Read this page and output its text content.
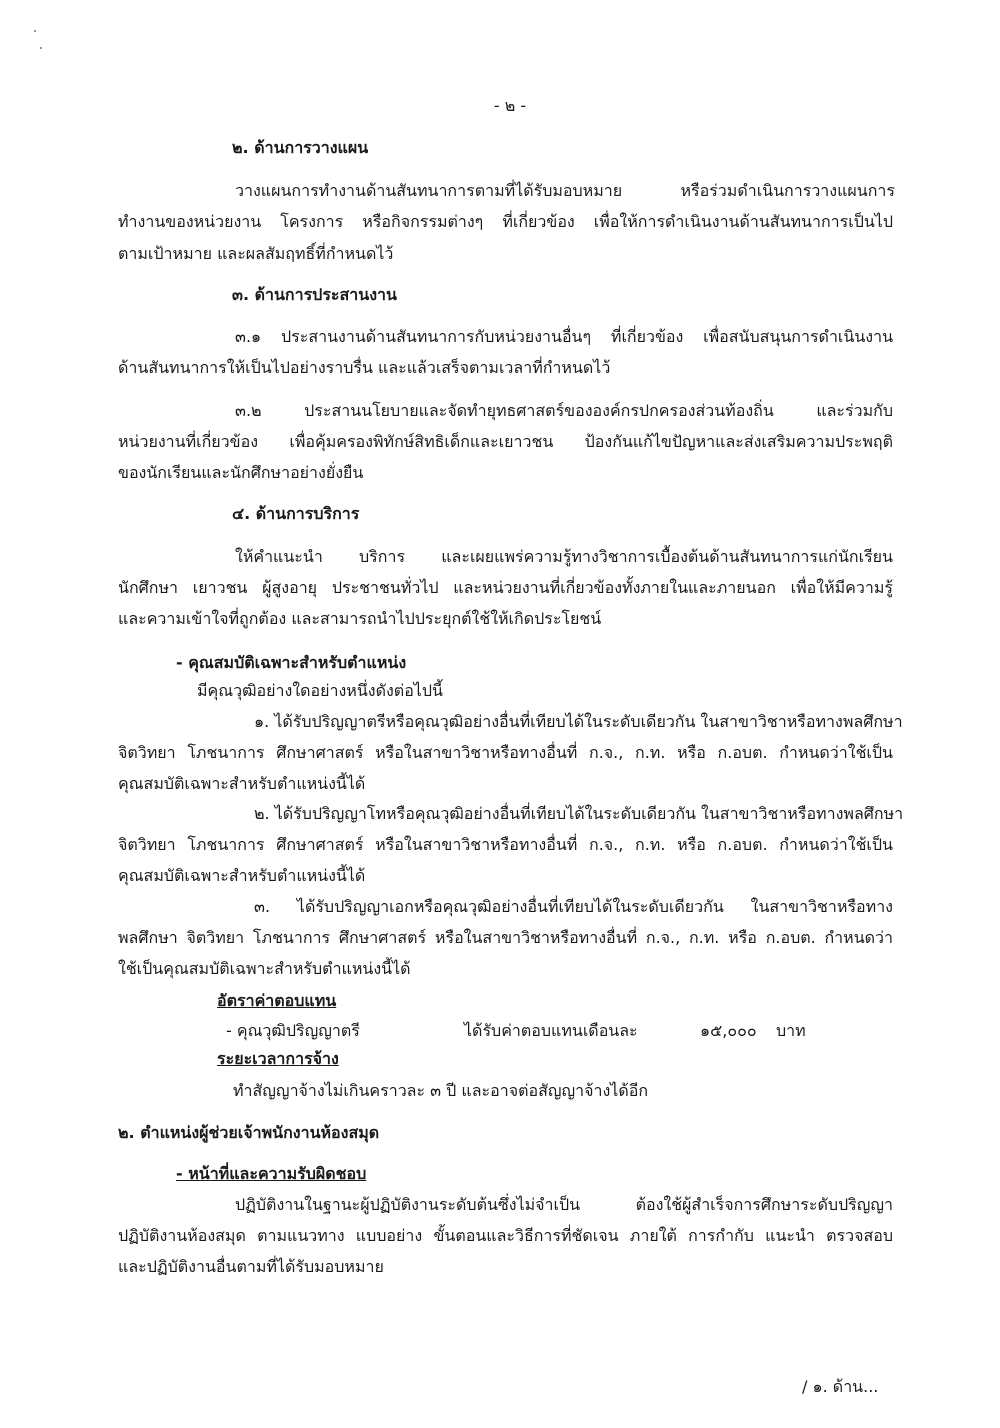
- ๒ -
๒. ด้านการวางแผน
วางแผนการทำงานด้านสันทนาการตามที่ได้รับมอบหมาย หรือร่วมดำเนินการวางแผนการ
ทำงานของหน่วยงาน โครงการ หรือกิจกรรมต่างๆ ที่เกี่ยวข้อง เพื่อให้การดำเนินงานด้านสันทนาการเป็นไป
ตามเป้าหมาย และผลสัมฤทธิ์ที่กำหนดไว้
๓. ด้านการประสานงาน
๓.๑ ประสานงานด้านสันทนาการกับหน่วยงานอื่นๆ ที่เกี่ยวข้อง เพื่อสนับสนุนการดำเนินงาน
ด้านสันทนาการให้เป็นไปอย่างราบรื่น และแล้วเสร็จตามเวลาที่กำหนดไว้
๓.๒ ประสานนโยบายและจัดทำยุทธศาสตร์ขององค์กรปกครองส่วนท้องถิ่น และร่วมกับ
หน่วยงานที่เกี่ยวข้อง เพื่อคุ้มครองพิทักษ์สิทธิเด็กและเยาวชน ป้องกันแก้ไขปัญหาและส่งเสริมความประพฤติ
ของนักเรียนและนักศึกษาอย่างยั่งยืน
๔. ด้านการบริการ
ให้คำแนะนำ บริการ และเผยแพร่ความรู้ทางวิชาการเบื้องต้นด้านสันทนาการแก่นักเรียน
นักศึกษา เยาวชน ผู้สูงอายุ ประชาชนทั่วไป และหน่วยงานที่เกี่ยวข้องทั้งภายในและภายนอก เพื่อให้มีความรู้
และความเข้าใจที่ถูกต้อง และสามารถนำไปประยุกต์ใช้ให้เกิดประโยชน์
- คุณสมบัติเฉพาะสำหรับตำแหน่ง
มีคุณวุฒิอย่างใดอย่างหนึ่งดังต่อไปนี้
๑. ได้รับปริญญาตรีหรือคุณวุฒิอย่างอื่นที่เทียบได้ในระดับเดียวกัน ในสาขาวิชาหรือทางพลศึกษา
จิตวิทยา โภชนาการ ศึกษาศาสตร์ หรือในสาขาวิชาหรือทางอื่นที่ ก.จ., ก.ท. หรือ ก.อบต. กำหนดว่าใช้เป็น
คุณสมบัติเฉพาะสำหรับตำแหน่งนี้ได้
๒. ได้รับปริญญาโทหรือคุณวุฒิอย่างอื่นที่เทียบได้ในระดับเดียวกัน ในสาขาวิชาหรือทางพลศึกษา
จิตวิทยา โภชนาการ ศึกษาศาสตร์ หรือในสาขาวิชาหรือทางอื่นที่ ก.จ., ก.ท. หรือ ก.อบต. กำหนดว่าใช้เป็น
คุณสมบัติเฉพาะสำหรับตำแหน่งนี้ได้
๓. ได้รับปริญญาเอกหรือคุณวุฒิอย่างอื่นที่เทียบได้ในระดับเดียวกัน ในสาขาวิชาหรือทาง
พลศึกษา จิตวิทยา โภชนาการ ศึกษาศาสตร์ หรือในสาขาวิชาหรือทางอื่นที่ ก.จ., ก.ท. หรือ ก.อบต. กำหนดว่า
ใช้เป็นคุณสมบัติเฉพาะสำหรับตำแหน่งนี้ได้
อัตราค่าตอบแทน
- คุณวุฒิปริญญาตรี	ได้รับค่าตอบแทนเดือนละ	๑๕,๐๐๐ บาท
ระยะเวลาการจ้าง
ทำสัญญาจ้างไม่เกินคราวละ ๓ ปี และอาจต่อสัญญาจ้างได้อีก
๒. ตำแหน่งผู้ช่วยเจ้าพนักงานห้องสมุด
- หน้าที่และความรับผิดชอบ
ปฏิบัติงานในฐานะผู้ปฏิบัติงานระดับต้นซึ่งไม่จำเป็น ต้องใช้ผู้สำเร็จการศึกษาระดับปริญญา
ปฏิบัติงานห้องสมุด ตามแนวทาง แบบอย่าง ขั้นตอนและวิธีการที่ชัดเจน ภายใต้ การกำกับ แนะนำ ตรวจสอบ
และปฏิบัติงานอื่นตามที่ได้รับมอบหมาย
/ ๑. ด้าน...
